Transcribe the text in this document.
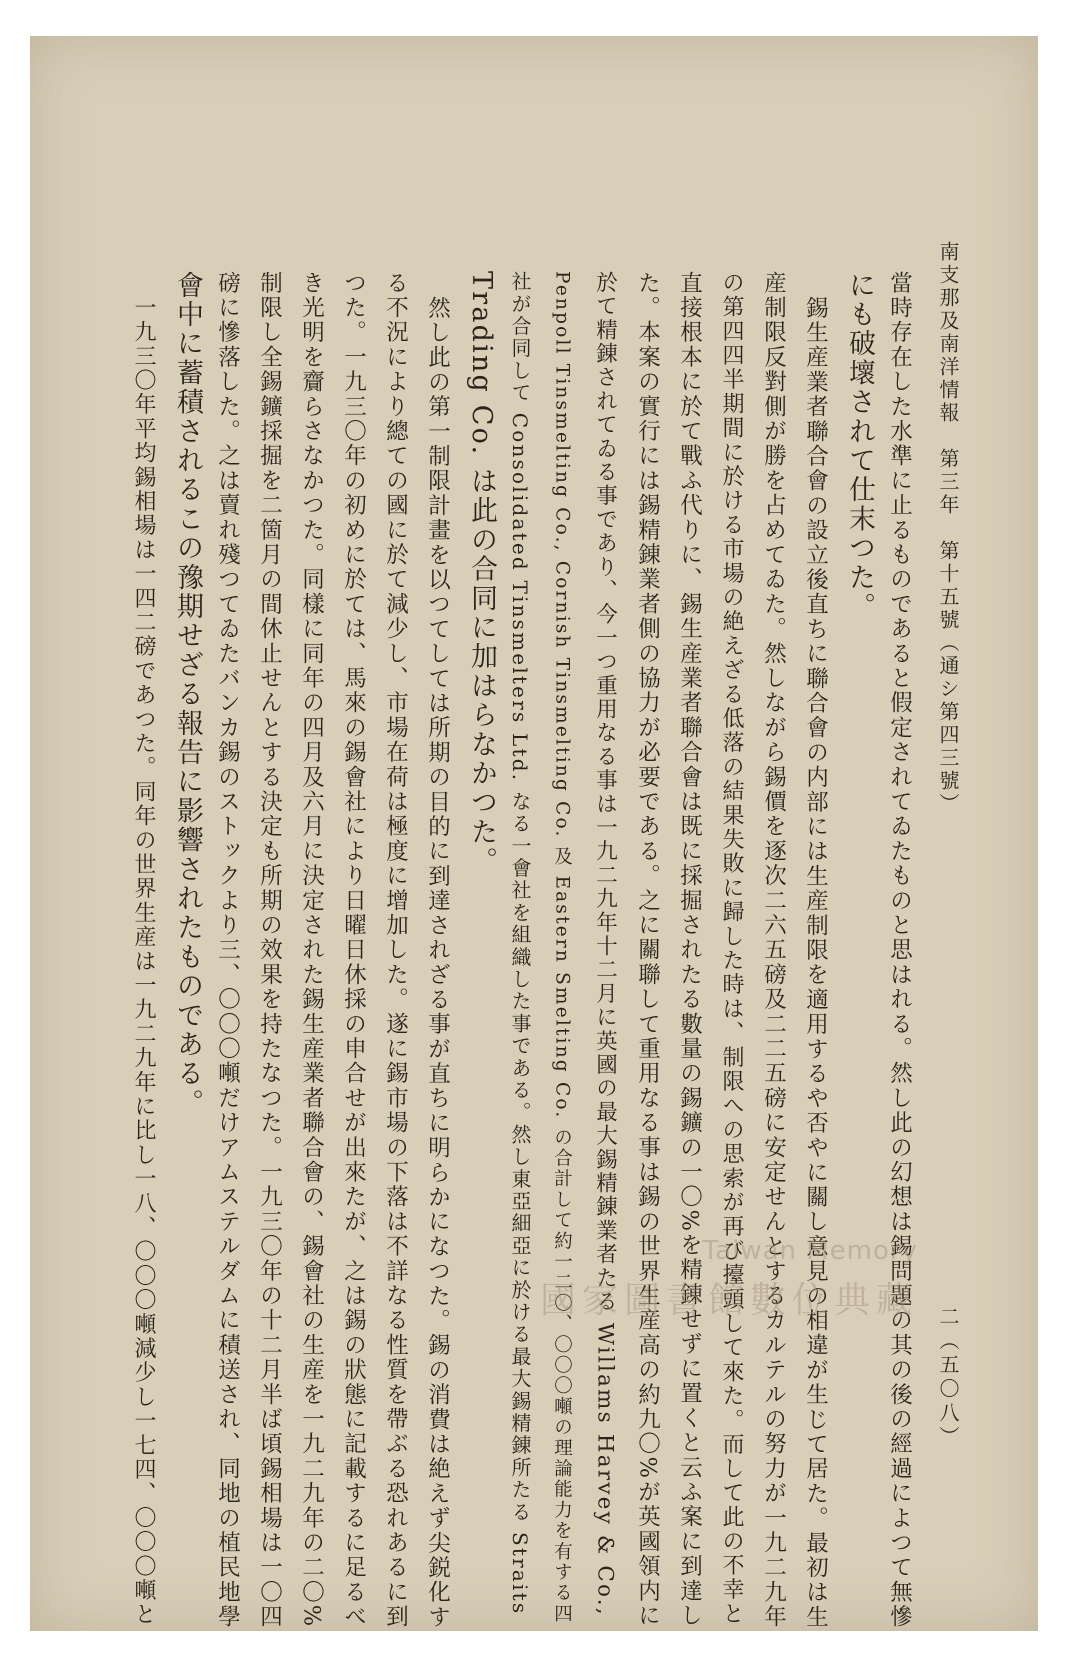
南支那及南洋情報　第三年　第十五號（通シ第四三號）
二（五〇八）
當時存在した水準に止るものであると假定されてゐたものと思はれる。然し此の幻想は錫問題の其の後の經過によつて無慘
にも破壞されて仕末つた。
錫生産業者聯合會の設立後直ちに聯合會の内部には生産制限を適用するや否やに關し意見の相違が生じて居た。最初は生
産制限反對側が勝を占めてゐた。然しながら錫價を逐次二六五磅及二二五磅に安定せんとするカルテルの努力が一九二九年
の第四四半期間に於ける市場の絶えざる低落の結果失敗に歸した時は、制限への思索が再び擡頭して來た。而して此の不幸と
直接根本に於て戰ふ代りに、錫生産業者聯合會は既に採掘されたる數量の錫鑛の一〇%を精錬せずに置くと云ふ案に到達し
た。本案の實行には錫精錬業者側の協力が必要である。之に關聯して重用なる事は錫の世界生産高の約九〇%が英國領内に
於て精錬されてゐる事であり、今一つ重用なる事は一九二九年十二月に英國の最大錫精錬業者たる Willams Harvey & Co.,
Penpoll Tinsmelting Co., Cornish Tinsmelting Co. 及 Eastern Smelting Co. の合計して約一二〇、〇〇〇噸の理論能力を有する四
社が合同して Consolidated Tinsmelters Ltd. なる一會社を組織した事である。然し東亞細亞に於ける最大錫精錬所たる Straits
Trading Co. は此の合同に加はらなかつた。
然し此の第一制限計畫を以つてしては所期の目的に到達されざる事が直ちに明らかになつた。錫の消費は絶えず尖鋭化す
る不況により總ての國に於て減少し、市場在荷は極度に增加した。遂に錫市場の下落は不詳なる性質を帶ぶる恐れあるに到
つた。一九三〇年の初めに於ては、馬來の錫會社により日曜日休採の申合せが出來たが、之は錫の狀態に記載するに足るべ
き光明を齎らさなかつた。同樣に同年の四月及六月に決定された錫生産業者聯合會の、錫會社の生産を一九二九年の二〇%
制限し全錫鑛採掘を二箇月の間休止せんとする決定も所期の效果を持たなつた。一九三〇年の十二月半ば頃錫相場は一〇四
磅に慘落した。之は賣れ殘つてゐたバンカ錫のストックより三、〇〇〇噸だけアムステルダムに積送され、同地の植民地學
會中に蓄積されるこの豫期せざる報告に影響されたものである。
一九三〇年平均錫相場は一四二磅であつた。同年の世界生産は一九二九年に比し一八、〇〇〇噸減少し一七四、〇〇〇噸と	Taiwan Memory
國家圖書館數位典藏
